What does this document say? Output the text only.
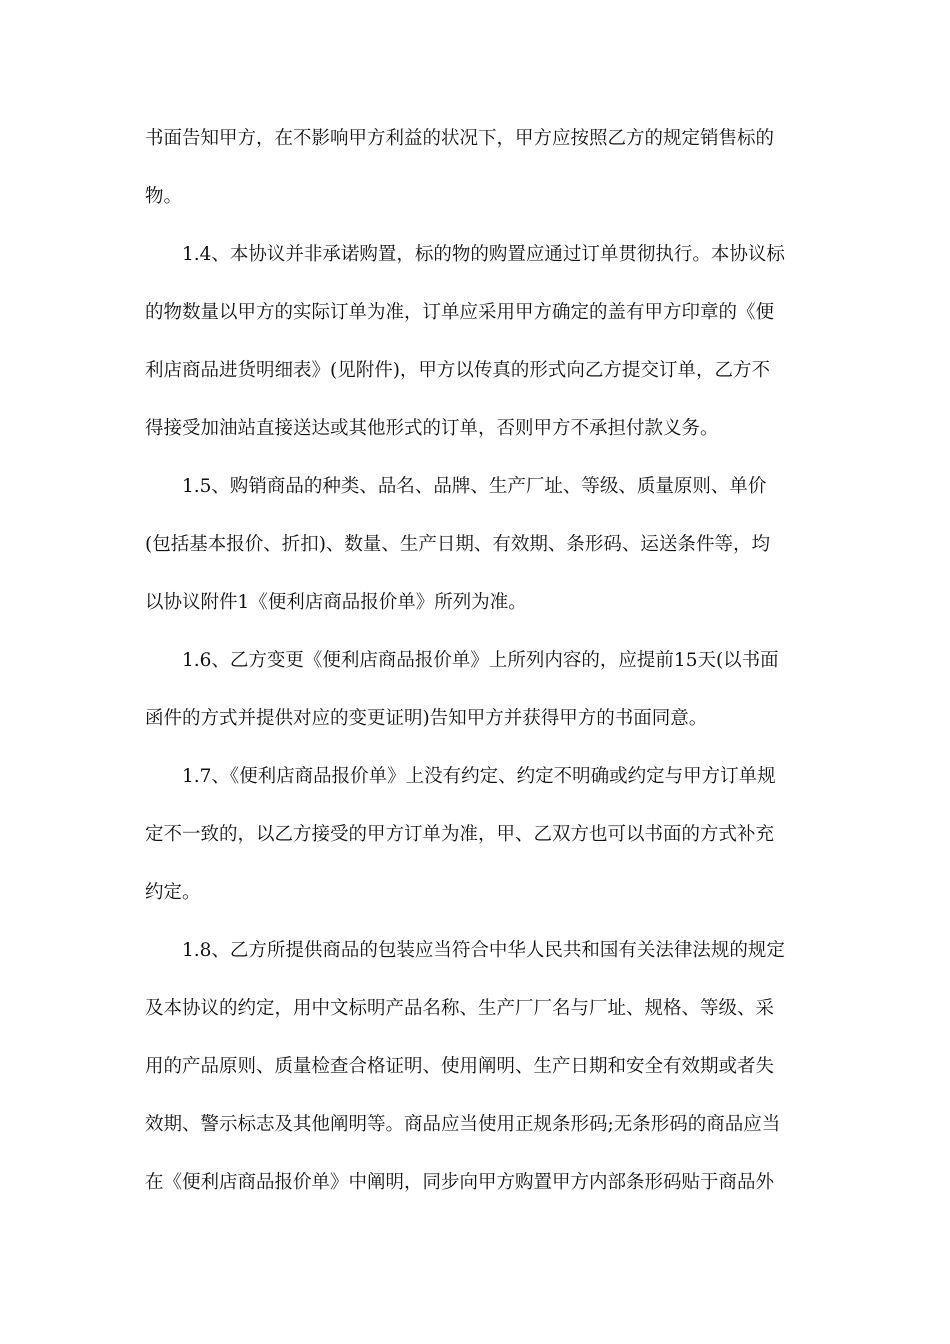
书面告知甲方，在不影响甲方利益的状况下，甲方应按照乙方的规定销售标的
物。
1.4、本协议并非承诺购置，标的物的购置应通过订单贯彻执行。本协议标
的物数量以甲方的实际订单为准，订单应采用甲方确定的盖有甲方印章的《便
利店商品进货明细表》(见附件)，甲方以传真的形式向乙方提交订单，乙方不
得接受加油站直接送达或其他形式的订单，否则甲方不承担付款义务。
1.5、购销商品的种类、品名、品牌、生产厂址、等级、质量原则、单价
(包括基本报价、折扣)、数量、生产日期、有效期、条形码、运送条件等，均
以协议附件1《便利店商品报价单》所列为准。
1.6、乙方变更《便利店商品报价单》上所列内容的，应提前15天(以书面
函件的方式并提供对应的变更证明)告知甲方并获得甲方的书面同意。
1.7、《便利店商品报价单》上没有约定、约定不明确或约定与甲方订单规
定不一致的，以乙方接受的甲方订单为准，甲、乙双方也可以书面的方式补充
约定。
1.8、乙方所提供商品的包装应当符合中华人民共和国有关法律法规的规定
及本协议的约定，用中文标明产品名称、生产厂厂名与厂址、规格、等级、采
用的产品原则、质量检查合格证明、使用阐明、生产日期和安全有效期或者失
效期、警示标志及其他阐明等。商品应当使用正规条形码;无条形码的商品应当
在《便利店商品报价单》中阐明，同步向甲方购置甲方内部条形码贴于商品外
